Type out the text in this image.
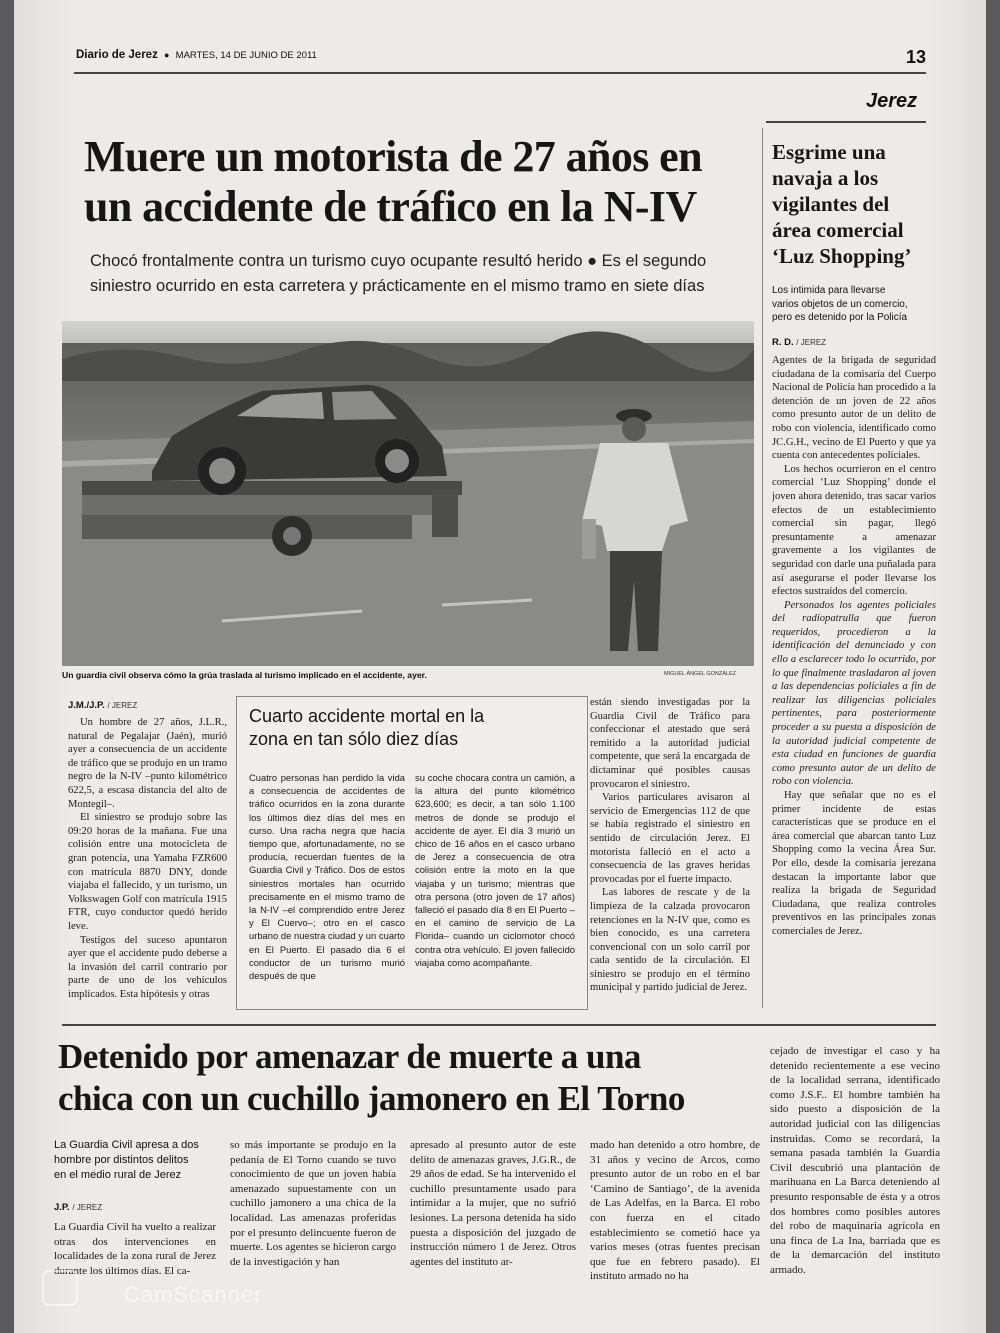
Diario de Jerez ● MARTES, 14 DE JUNIO DE 2011	13
Jerez
Muere un motorista de 27 años en
un accidente de tráfico en la N-IV
Chocó frontalmente contra un turismo cuyo ocupante resultó herido ● Es el segundo
siniestro ocurrido en esta carretera y prácticamente en el mismo tramo en siete días
Un guardia civil observa cómo la grúa traslada al turismo implicado en el accidente, ayer.	MIGUEL ÁNGEL GONZÁLEZ
J.M./J.P. / JEREZ

Un hombre de 27 años, J.L.R., natural de Pegalajar (Jaén), murió ayer a consecuencia de un accidente de tráfico que se produjo en un tramo negro de la N-IV –punto kilométrico 622,5, a escasa distancia del alto de Montegil–.

El siniestro se produjo sobre las 09:20 horas de la mañana. Fue una colisión entre una motocicleta de gran potencia, una Yamaha FZR600 con matrícula 8870 DNY, donde viajaba el fallecido, y un turismo, un Volkswagen Golf con matrícula 1915 FTR, cuyo conductor quedó herido leve.

Testigos del suceso apuntaron ayer que el accidente pudo deberse a la invasión del carril contrario por parte de uno de los vehículos implicados. Esta hipótesis y otras

Cuarto accidente mortal en la
zona en tan sólo diez días
Cuatro personas han perdido la vida a consecuencia de accidentes de tráfico ocurridos en la zona durante los últimos diez días del mes en curso. Una racha negra que hacía tiempo que, afortunadamente, no se producía, recuerdan fuentes de la Guardia Civil y Tráfico. Dos de estos siniestros mortales han ocurrido precisamente en el mismo tramo de la N-IV –el comprendido entre Jerez y El Cuervo–; otro en el casco urbano de nuestra ciudad y un cuarto en El Puerto. El pasado día 6 el conductor de un turismo murió después de que
su coche chocara contra un camión, a la altura del punto kilométrico 623,600; es decir, a tan sólo 1.100 metros de donde se produjo el accidente de ayer. El día 3 murió un chico de 16 años en el casco urbano de Jerez a consecuencia de otra colisión entre la moto en la que viajaba y un turismo; mientras que otra persona (otro joven de 17 años) falleció el pasado día 8 en El Puerto –en el camino de servicio de La Florida– cuando un ciclomotor chocó contra otra vehículo. El joven fallecido viajaba como acompañante.

están siendo investigadas por la Guardia Civil de Tráfico para confeccionar el atestado que será remitido a la autoridad judicial competente, que será la encargada de dictaminar qué posibles causas provocaron el siniestro.

Varios particulares avisaron al servicio de Emergencias 112 de que se había registrado el siniestro en sentido de circulación Jerez. El motorista falleció en el acto a consecuencia de las graves heridas provocadas por el fuerte impacto.

Las labores de rescate y de la limpieza de la calzada provocaron retenciones en la N-IV que, como es bien conocido, es una carretera convencional con un solo carril por cada sentido de la circulación. El siniestro se produjo en el término municipal y partido judicial de Jerez.

Esgrime una
navaja a los
vigilantes del
área comercial
‘Luz Shopping’
Los intimida para llevarse
varios objetos de un comercio,
pero es detenido por la Policía
R. D. / JEREZ

Agentes de la brigada de seguridad ciudadana de la comisaría del Cuerpo Nacional de Policía han procedido a la detención de un joven de 22 años como presunto autor de un delito de robo con violencia, identificado como JC.G.H., vecino de El Puerto y que ya cuenta con antecedentes policiales.

Los hechos ocurrieron en el centro comercial ‘Luz Shopping’ donde el joven ahora detenido, tras sacar varios efectos de un establecimiento comercial sin pagar, llegó presuntamente a amenazar gravemente a los vigilantes de seguridad con darle una puñalada para así asegurarse el poder llevarse los efectos sustraídos del comercio.

Personados los agentes policiales del radiopatrulla que fueron requeridos, procedieron a la identificación del denunciado y con ello a esclarecer todo lo ocurrido, por lo que finalmente trasladaron al joven a las dependencias policiales a fin de realizar las diligencias policiales pertinentes, para posteriormente proceder a su puesta a disposición de la autoridad judicial competente de esta ciudad en funciones de guardia como presunto autor de un delito de robo con violencia.

Hay que señalar que no es el primer incidente de estas características que se produce en el área comercial que abarcan tanto Luz Shopping como la vecina Área Sur. Por ello, desde la comisaría jerezana destacan la importante labor que realiza la brigada de Seguridad Ciudadana, que realiza controles preventivos en las principales zonas comerciales de Jerez.

Detenido por amenazar de muerte a una
chica con un cuchillo jamonero en El Torno
La Guardia Civil apresa a dos
hombre por distintos delitos
en el medio rural de Jerez
J.P. / JEREZ
La Guardia Civil ha vuelto a realizar otras dos intervenciones en localidades de la zona rural de Jerez durante los últimos días. El ca-
so más importante se produjo en la pedanía de El Torno cuando se tuvo conocimiento de que un joven había amenazado supuestamente con un cuchillo jamonero a una chica de la localidad. Las amenazas proferidas por el presunto delincuente fueron de muerte. Los agentes se hicieron cargo de la investigación y han
apresado al presunto autor de este delito de amenazas graves, J.G.R., de 29 años de edad. Se ha intervenido el cuchillo presuntamente usado para intimidar a la mujer, que no sufrió lesiones. La persona detenida ha sido puesta a disposición del juzgado de instrucción número 1 de Jerez. Otros agentes del instituto ar-
mado han detenido a otro hombre, de 31 años y vecino de Arcos, como presunto autor de un robo en el bar ‘Camino de Santiago’, de la avenida de Las Adelfas, en la Barca. El robo con fuerza en el citado establecimiento se cometió hace ya varios meses (otras fuentes precisan que fue en febrero pasado). El instituto armado no ha
cejado de investigar el caso y ha detenido recientemente a ese vecino de la localidad serrana, identificado como J.S.F.. El hombre también ha sido puesto a disposición de la autoridad judicial con las diligencias instruidas. Como se recordará, la semana pasada también la Guardia Civil descubrió una plantación de marihuana en La Barca deteniendo al presunto responsable de ésta y a otros dos hombres como posibles autores del robo de maquinaria agrícola en una finca de La Ina, barriada que es de la demarcación del instituto armado.
CamScanner
